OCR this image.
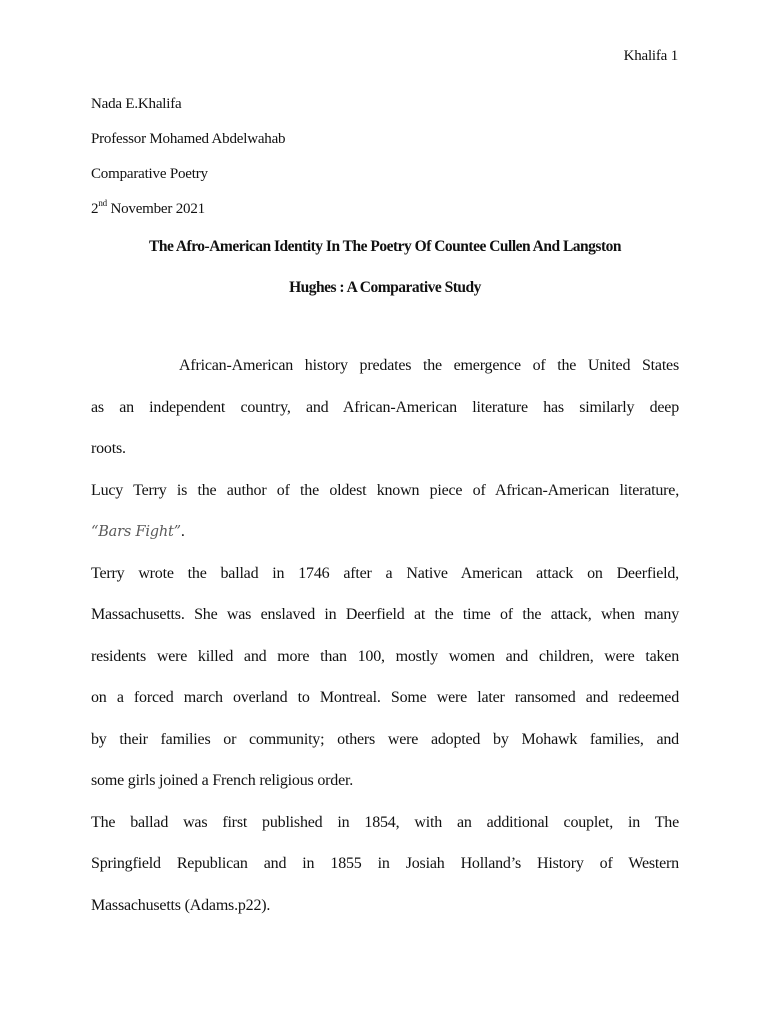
Khalifa 1
Nada E.Khalifa
Professor Mohamed Abdelwahab
Comparative Poetry
2nd November 2021
The Afro-American Identity In The Poetry Of Countee Cullen And Langston
Hughes : A Comparative Study
African-American history predates the emergence of the United States
as an independent country, and African-American literature has similarly deep
roots.
Lucy Terry is the author of the oldest known piece of African-American literature,
“Bars Fight”.
Terry wrote the ballad in 1746 after a Native American attack on Deerfield,
Massachusetts. She was enslaved in Deerfield at the time of the attack, when many
residents were killed and more than 100, mostly women and children, were taken
on a forced march overland to Montreal. Some were later ransomed and redeemed
by their families or community; others were adopted by Mohawk families, and
some girls joined a French religious order.
The ballad was first published in 1854, with an additional couplet, in The
Springfield Republican and in 1855 in Josiah Holland’s History of Western
Massachusetts (Adams.p22).
